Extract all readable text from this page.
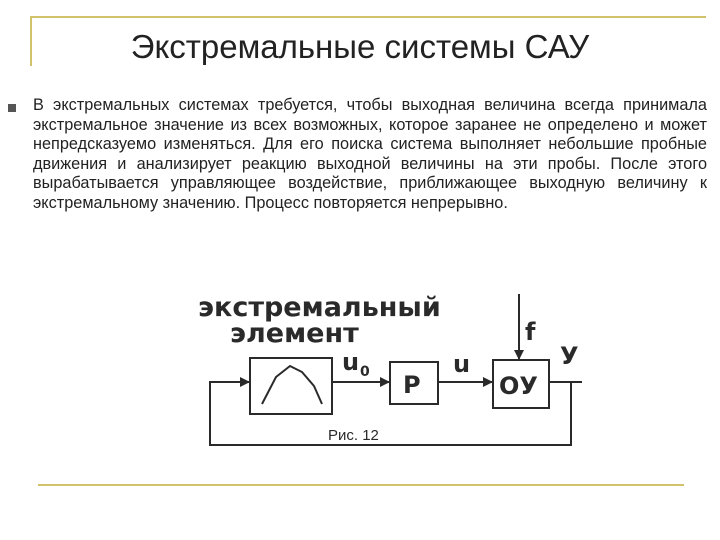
Экстремальные системы САУ
В экстремальных системах требуется, чтобы выходная величина всегда принимала экстремальное значение из всех возможных, которое заранее не определено и может непредсказуемо изменяться. Для его поиска система выполняет небольшие пробные движения и анализирует реакцию выходной величины на эти пробы. После этого вырабатывается управляющее воздействие, приближающее выходную величину к экстремальному значению. Процесс повторяется непрерывно.
экстремальный
элемент
u 0 Р
u
ОУ
f
У
Рис. 12
